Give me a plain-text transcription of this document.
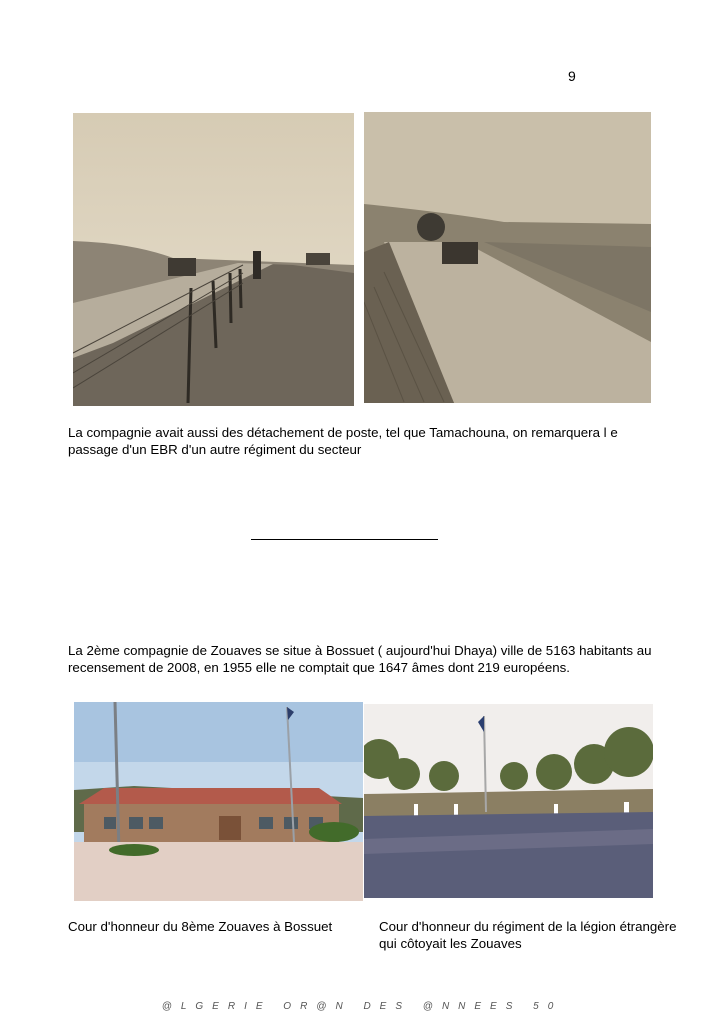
9
La compagnie avait aussi des détachement de poste, tel que Tamachouna, on remarquera l e passage d'un EBR d'un autre régiment du secteur
La 2ème compagnie de Zouaves se situe à Bossuet ( aujourd'hui Dhaya) ville de 5163 habitants au recensement de 2008, en 1955 elle ne comptait que 1647 âmes dont 219 européens.
Cour d'honneur du 8ème Zouaves à Bossuet	Cour d'honneur du régiment de la légion étrangère qui côtoyait les Zouaves
@LGERIE OR@N DES @NNEES 50
